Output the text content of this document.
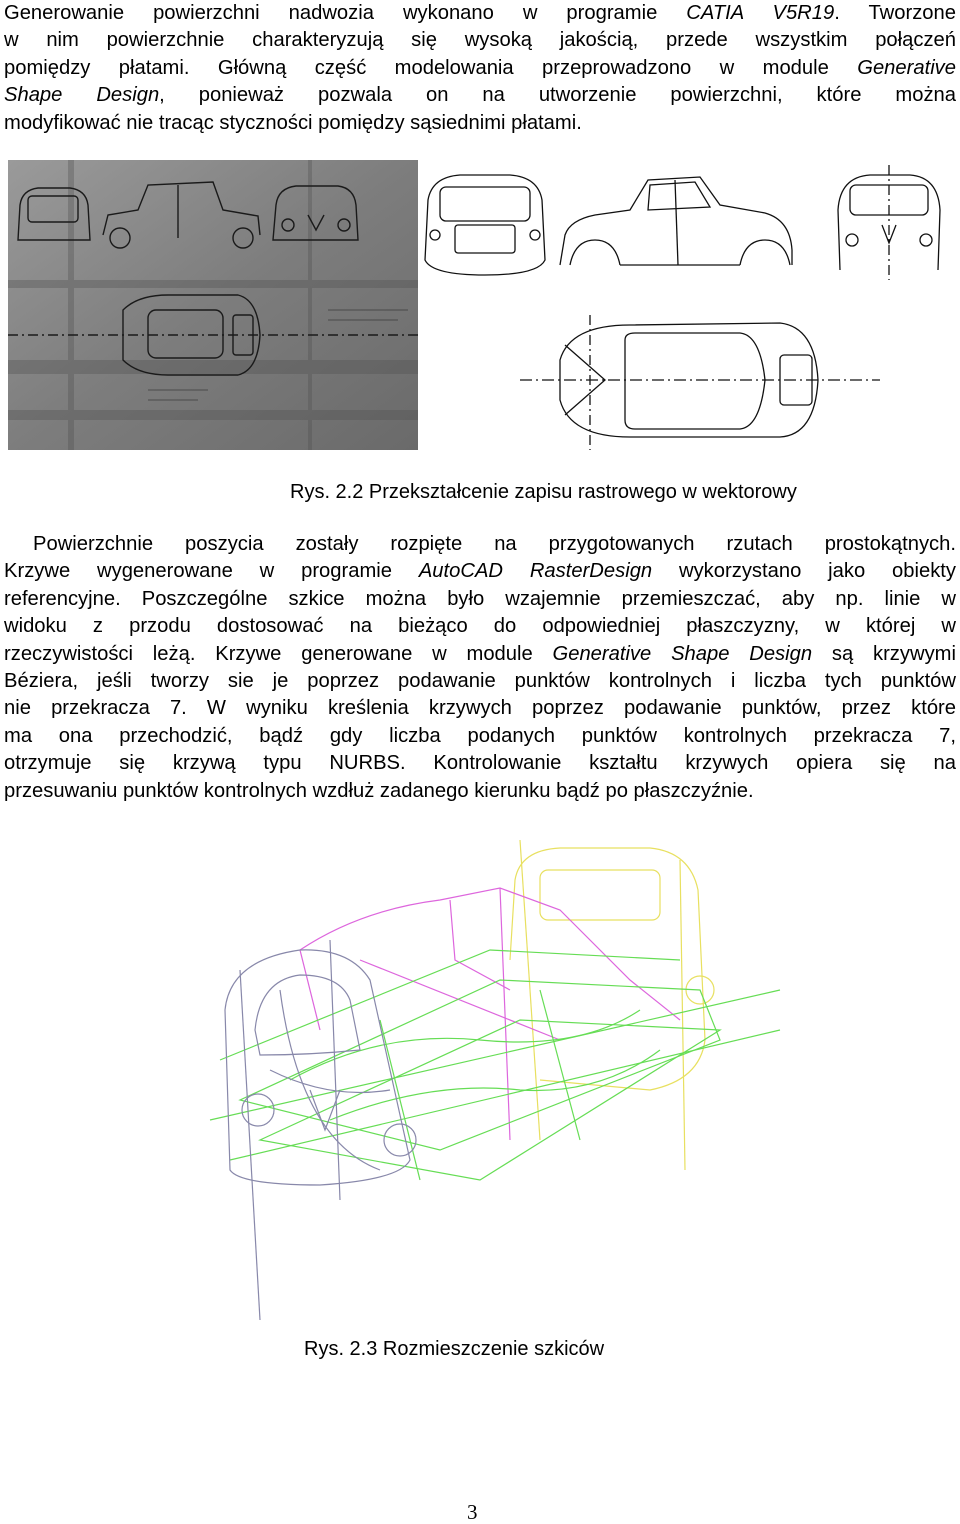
Generowanie powierzchni nadwozia wykonano w programie CATIA V5R19. Tworzone
w nim powierzchnie charakteryzują się wysoką jakością, przede wszystkim połączeń
pomiędzy płatami. Główną część modelowania przeprowadzono w module Generative
Shape Design, ponieważ pozwala on na utworzenie powierzchni, które można
modyfikować nie tracąc styczności pomiędzy sąsiednimi płatami.

Rys. 2.2 Przekształcenie zapisu rastrowego w wektorowy

Powierzchnie poszycia zostały rozpięte na przygotowanych rzutach prostokątnych.
Krzywe wygenerowane w programie AutoCAD RasterDesign wykorzystano jako obiekty
referencyjne. Poszczególne szkice można było wzajemnie przemieszczać, aby np. linie w
widoku z przodu dostosować na bieżąco do odpowiedniej płaszczyzny, w której w
rzeczywistości leżą. Krzywe generowane w module Generative Shape Design są krzywymi
Béziera, jeśli tworzy sie je poprzez podawanie punktów kontrolnych i liczba tych punktów
nie przekracza 7. W wyniku kreślenia krzywych poprzez podawanie punktów, przez które
ma ona przechodzić, bądź gdy liczba podanych punktów kontrolnych przekracza 7,
otrzymuje się krzywą typu NURBS. Kontrolowanie kształtu krzywych opiera się na
przesuwaniu punktów kontrolnych wzdłuż zadanego kierunku bądź po płaszczyźnie.

Rys. 2.3 Rozmieszczenie szkiców

3
